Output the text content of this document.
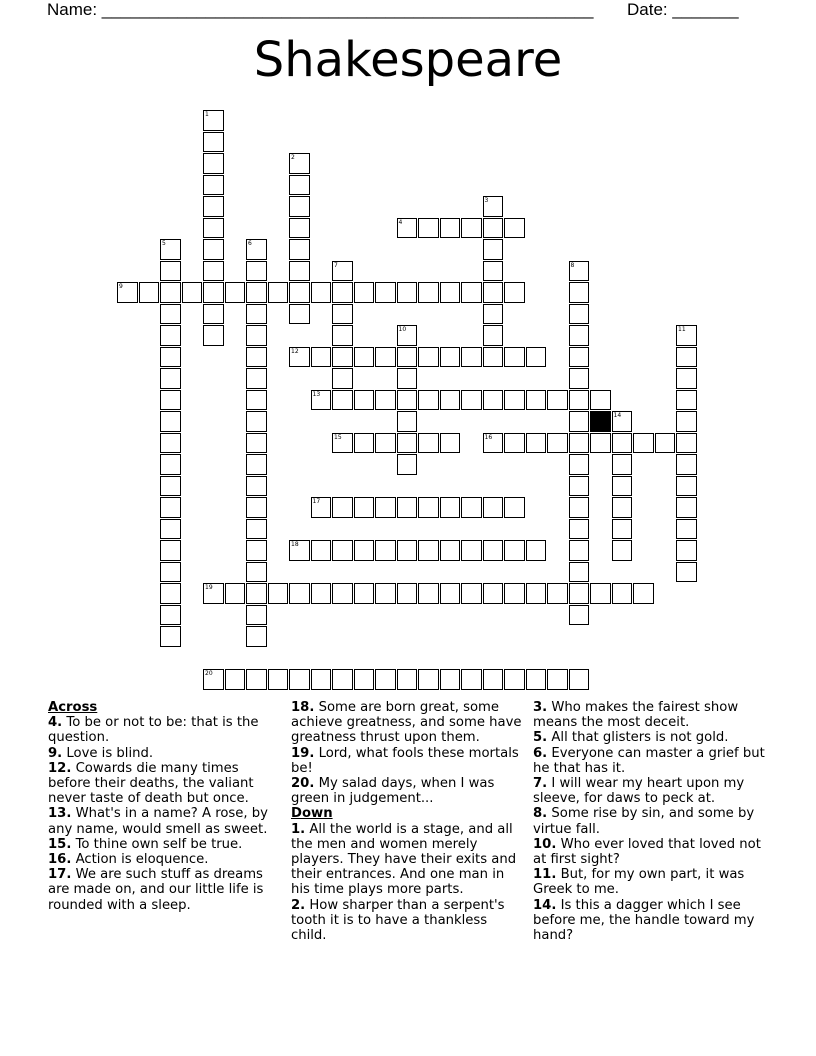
Name: ____________________________________________________ Date: _______
Shakespeare
1
2
3
4
5	6
7	8
9
10	11
12
13
14
15	16
17
18
19
20
Across
4. To be or not to be: that is the question.
9. Love is blind.
12. Cowards die many times before their deaths, the valiant never taste of death but once.
13. What's in a name? A rose, by any name, would smell as sweet.
15. To thine own self be true.
16. Action is eloquence.
17. We are such stuff as dreams are made on, and our little life is rounded with a sleep.
18. Some are born great, some achieve greatness, and some have greatness thrust upon them.
19. Lord, what fools these mortals be!
20. My salad days, when I was green in judgement...
Down
1. All the world is a stage, and all the men and women merely players. They have their exits and their entrances. And one man in his time plays more parts.
2. How sharper than a serpent's tooth it is to have a thankless child.
3. Who makes the fairest show means the most deceit.
5. All that glisters is not gold.
6. Everyone can master a grief but he that has it.
7. I will wear my heart upon my sleeve, for daws to peck at.
8. Some rise by sin, and some by virtue fall.
10. Who ever loved that loved not at first sight?
11. But, for my own part, it was Greek to me.
14. Is this a dagger which I see before me, the handle toward my hand?
